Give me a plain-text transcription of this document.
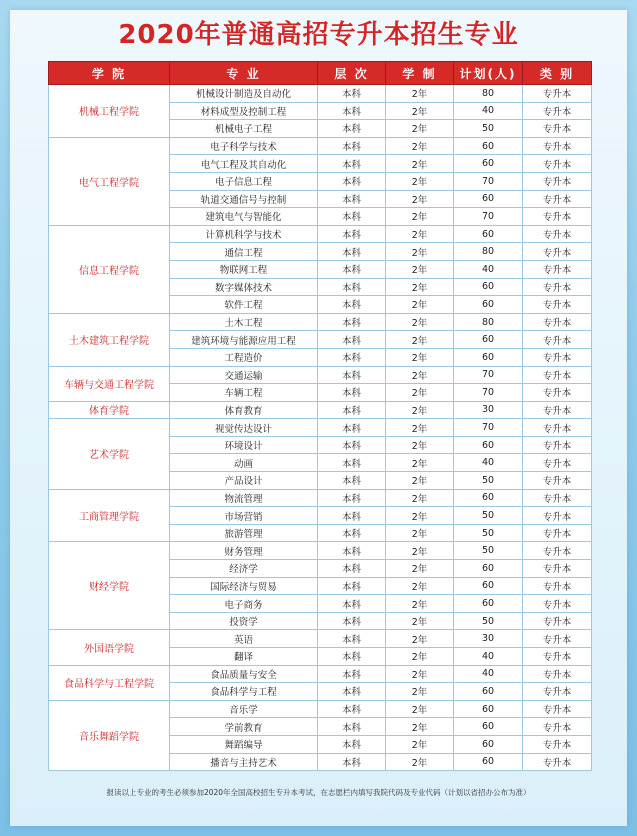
2020年普通高招专升本招生专业
学 院	专 业	层 次	学 制	计划(人)	类 别
机械工程学院	机械设计制造及自动化	本科	2年	80	专升本
	材料成型及控制工程	本科	2年	40	专升本
	机械电子工程	本科	2年	50	专升本
电气工程学院	电子科学与技术	本科	2年	60	专升本
	电气工程及其自动化	本科	2年	60	专升本
	电子信息工程	本科	2年	70	专升本
	轨道交通信号与控制	本科	2年	60	专升本
	建筑电气与智能化	本科	2年	70	专升本
信息工程学院	计算机科学与技术	本科	2年	60	专升本
	通信工程	本科	2年	80	专升本
	物联网工程	本科	2年	40	专升本
	数字媒体技术	本科	2年	60	专升本
	软件工程	本科	2年	60	专升本
土木建筑工程学院	土木工程	本科	2年	80	专升本
	建筑环境与能源应用工程	本科	2年	60	专升本
	工程造价	本科	2年	60	专升本
车辆与交通工程学院	交通运输	本科	2年	70	专升本
	车辆工程	本科	2年	70	专升本
体育学院	体育教育	本科	2年	30	专升本
艺术学院	视觉传达设计	本科	2年	70	专升本
	环境设计	本科	2年	60	专升本
	动画	本科	2年	40	专升本
	产品设计	本科	2年	50	专升本
工商管理学院	物流管理	本科	2年	60	专升本
	市场营销	本科	2年	50	专升本
	旅游管理	本科	2年	50	专升本
财经学院	财务管理	本科	2年	50	专升本
	经济学	本科	2年	60	专升本
	国际经济与贸易	本科	2年	60	专升本
	电子商务	本科	2年	60	专升本
	投资学	本科	2年	50	专升本
外国语学院	英语	本科	2年	30	专升本
	翻译	本科	2年	40	专升本
食品科学与工程学院	食品质量与安全	本科	2年	40	专升本
	食品科学与工程	本科	2年	60	专升本
音乐舞蹈学院	音乐学	本科	2年	60	专升本
	学前教育	本科	2年	60	专升本
	舞蹈编导	本科	2年	60	专升本
	播音与主持艺术	本科	2年	60	专升本
报读以上专业的考生必须参加2020年全国高校招生专升本考试，在志愿栏内填写我院代码及专业代码（计划以省招办公布为准）
